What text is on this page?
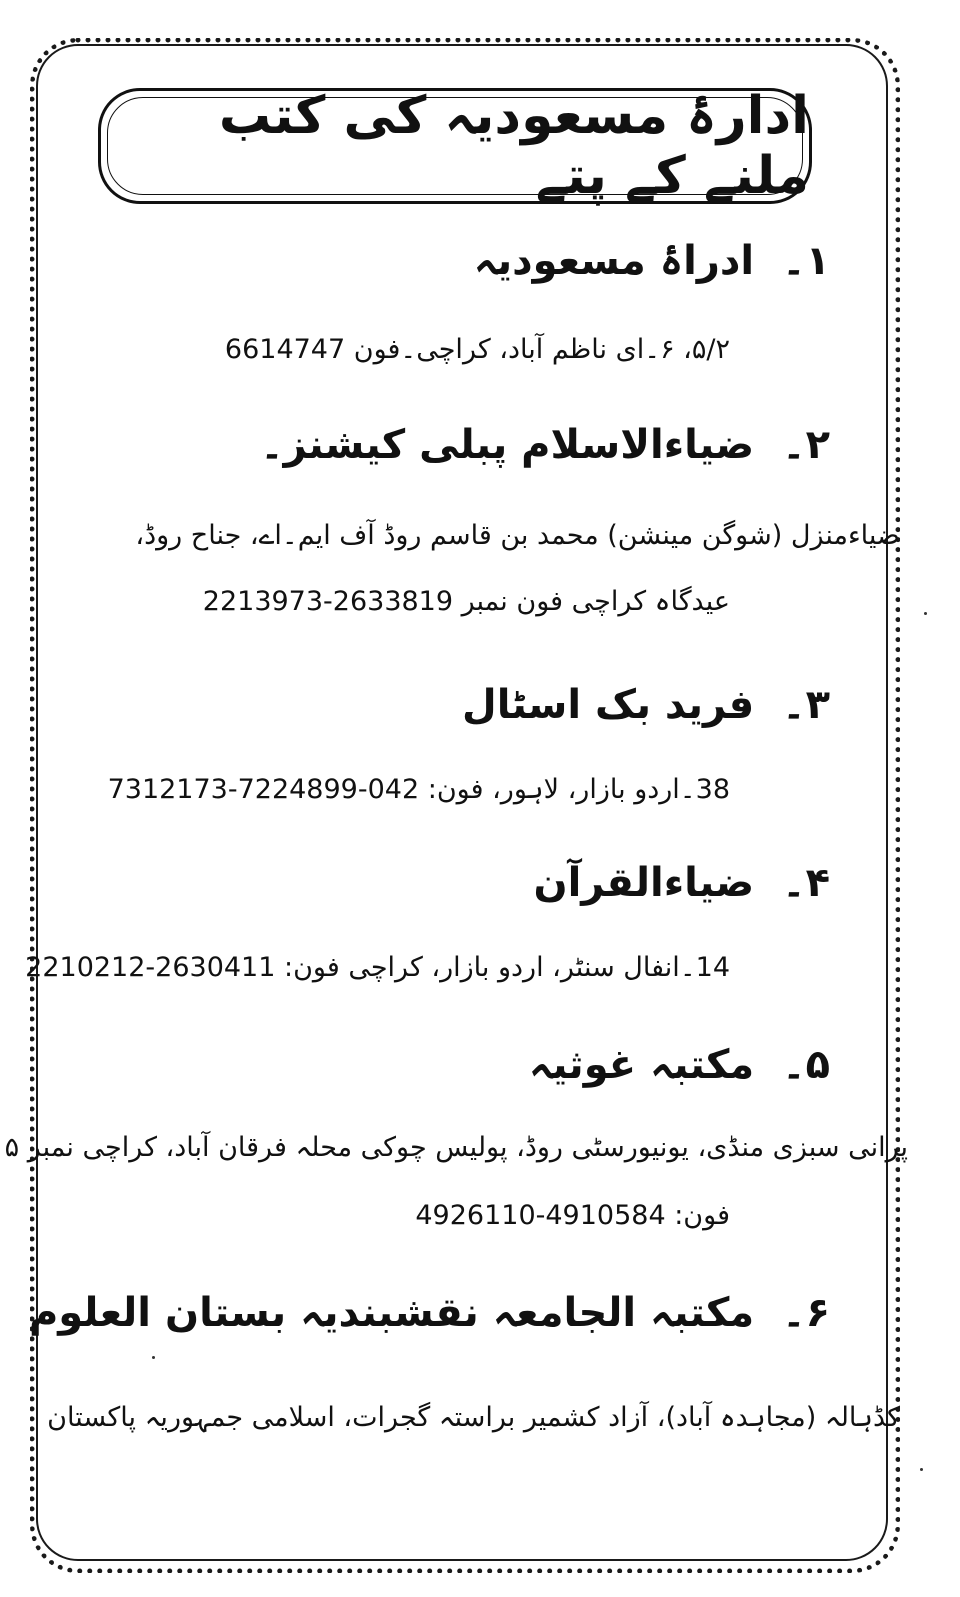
ادارۂ مسعودیہ کی کتب ملنے کے پتے
۱۔ادراۂ مسعودیہ
۵/۲، ۶۔ای ناظم آباد، کراچی۔فون 6614747
۲۔ضیاءالاسلام پبلی کیشنز۔
ضیاءمنزل (شوگن مینشن) محمد بن قاسم روڈ آف ایم۔اے، جناح روڈ،
عیدگاہ کراچی فون نمبر 2633819-2213973
۳۔فرید بک اسٹال
38۔اردو بازار، لاہور، فون: 042-7224899-7312173
۴۔ضیاءالقرآن
14۔انفال سنٹر، اردو بازار، کراچی فون: 2630411-2210212
۵۔مکتبہ غوثیہ
پرانی سبزی منڈی، یونیورسٹی روڈ، پولیس چوکی محلہ فرقان آباد، کراچی نمبر ۵
فون: 4910584-4926110
۶۔مکتبہ الجامعہ نقشبندیہ بستان العلوم
کڈہالہ (مجاہدہ آباد)، آزاد کشمیر براستہ گجرات، اسلامی جمہوریہ پاکستان
